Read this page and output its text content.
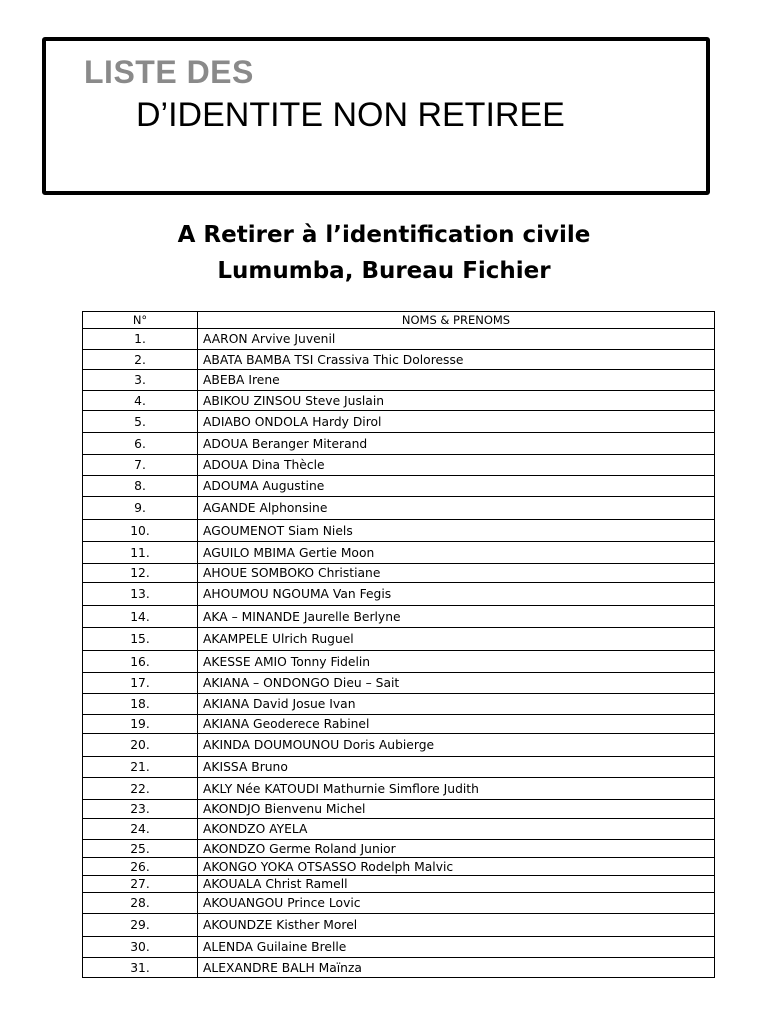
LISTE DES
D’IDENTITE NON RETIREE
A Retirer à l’identification civile
Lumumba, Bureau Fichier
N°	NOMS & PRENOMS
1.	AARON Arvive Juvenil
2.	ABATA BAMBA TSI Crassiva Thic Doloresse
3.	ABEBA Irene
4.	ABIKOU ZINSOU Steve Juslain
5.	ADIABO ONDOLA Hardy Dirol
6.	ADOUA Beranger Miterand
7.	ADOUA Dina Thècle
8.	ADOUMA Augustine
9.	AGANDE Alphonsine
10.	AGOUMENOT Siam Niels
11.	AGUILO MBIMA Gertie Moon
12.	AHOUE SOMBOKO Christiane
13.	AHOUMOU NGOUMA Van Fegis
14.	AKA – MINANDE Jaurelle Berlyne
15.	AKAMPELE Ulrich Ruguel
16.	AKESSE AMIO Tonny Fidelin
17.	AKIANA – ONDONGO Dieu – Sait
18.	AKIANA David Josue Ivan
19.	AKIANA Geoderece Rabinel
20.	AKINDA DOUMOUNOU Doris Aubierge
21.	AKISSA Bruno
22.	AKLY Née KATOUDI Mathurnie Simflore Judith
23.	AKONDJO Bienvenu Michel
24.	AKONDZO AYELA
25.	AKONDZO Germe Roland Junior
26.	AKONGO YOKA OTSASSO Rodelph Malvic
27.	AKOUALA Christ Ramell
28.	AKOUANGOU Prince Lovic
29.	AKOUNDZE Kisther Morel
30.	ALENDA Guilaine Brelle
31.	ALEXANDRE BALH Maïnza
